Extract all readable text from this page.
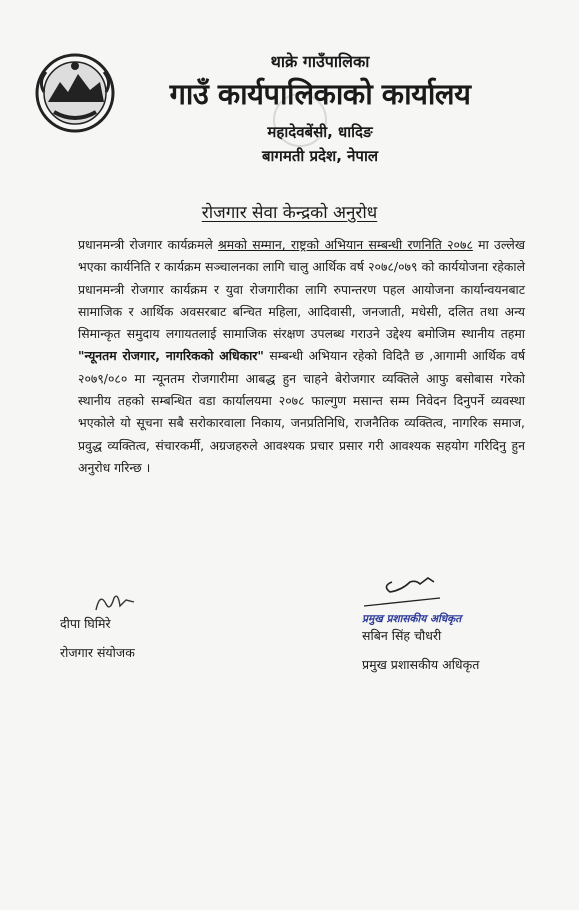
थाक्रे गाउँपालिका
गाउँ कार्यपालिकाको कार्यालय
महादेवबेंसी, धादिङ
बागमती प्रदेश, नेपाल
रोजगार सेवा केन्द्रको अनुरोध
प्रधानमन्त्री रोजगार कार्यक्रमले श्रमको सम्मान, राष्ट्रको अभियान सम्बन्धी रणनिति २०७८ मा उल्लेख भएका कार्यनिति र कार्यक्रम सञ्चालनका लागि चालु आर्थिक वर्ष २०७८/०७९ को कार्ययोजना रहेकाले प्रधानमन्त्री रोजगार कार्यक्रम र युवा रोजगारीका लागि रुपान्तरण पहल आयोजना कार्यान्वयनबाट सामाजिक र आर्थिक अवसरबाट बन्चित महिला, आदिवासी, जनजाती, मधेसी, दलित तथा अन्य सिमान्कृत समुदाय लगायतलाई सामाजिक संरक्षण उपलब्ध गराउने उद्देश्य बमोजिम स्थानीय तहमा "न्यूनतम रोजगार, नागरिकको अधिकार" सम्बन्धी अभियान रहेको विदितै छ ,आगामी आर्थिक वर्ष २०७९/०८० मा न्यूनतम रोजगारीमा आबद्ध हुन चाहने बेरोजगार व्यक्तिले आफु बसोबास गरेको स्थानीय तहको सम्बन्धित वडा कार्यालयमा २०७८ फाल्गुण मसान्त सम्म निवेदन दिनुपर्ने व्यवस्था भएकोले यो सूचना सबै सरोकारवाला निकाय, जनप्रतिनिधि, राजनैतिक व्यक्तित्व, नागरिक समाज, प्रवुद्ध व्यक्तित्व, संचारकर्मी, अग्रजहरुले आवश्यक प्रचार प्रसार गरी आवश्यक सहयोग गरिदिनु हुन अनुरोध गरिन्छ ।
दीपा घिमिरे
रोजगार संयोजक
प्रमुख प्रशासकीय अधिकृत
सबिन सिंह चौधरी
प्रमुख प्रशासकीय अधिकृत
